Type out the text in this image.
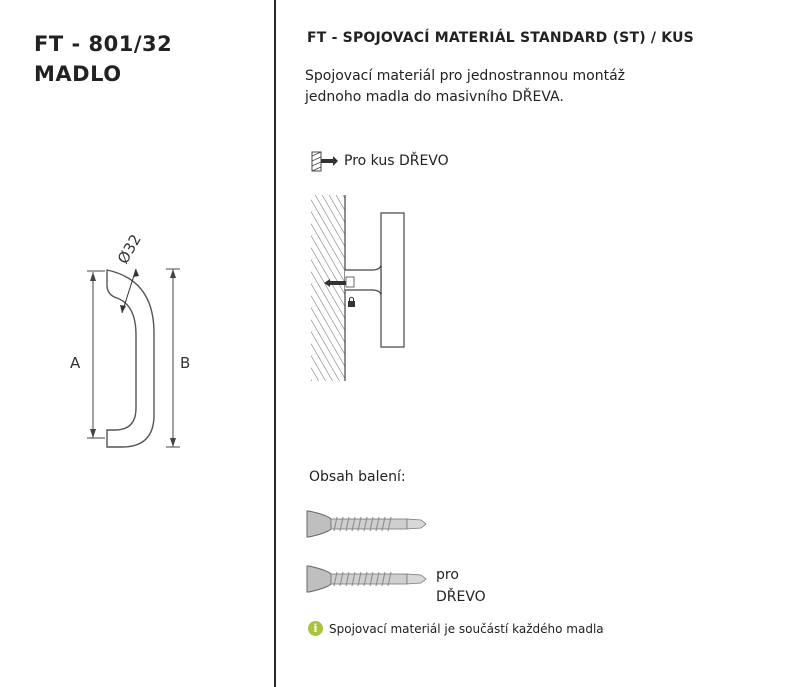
FT - 801/32
MADLO
Ø32
A	B
FT - SPOJOVACÍ MATERIÁL STANDARD (ST) / KUS
Spojovací materiál pro jednostrannou montáž
jednoho madla do masivního DŘEVA.
Pro kus DŘEVO
Obsah balení:
pro
DŘEVO
i Spojovací materiál je součástí každého madla
